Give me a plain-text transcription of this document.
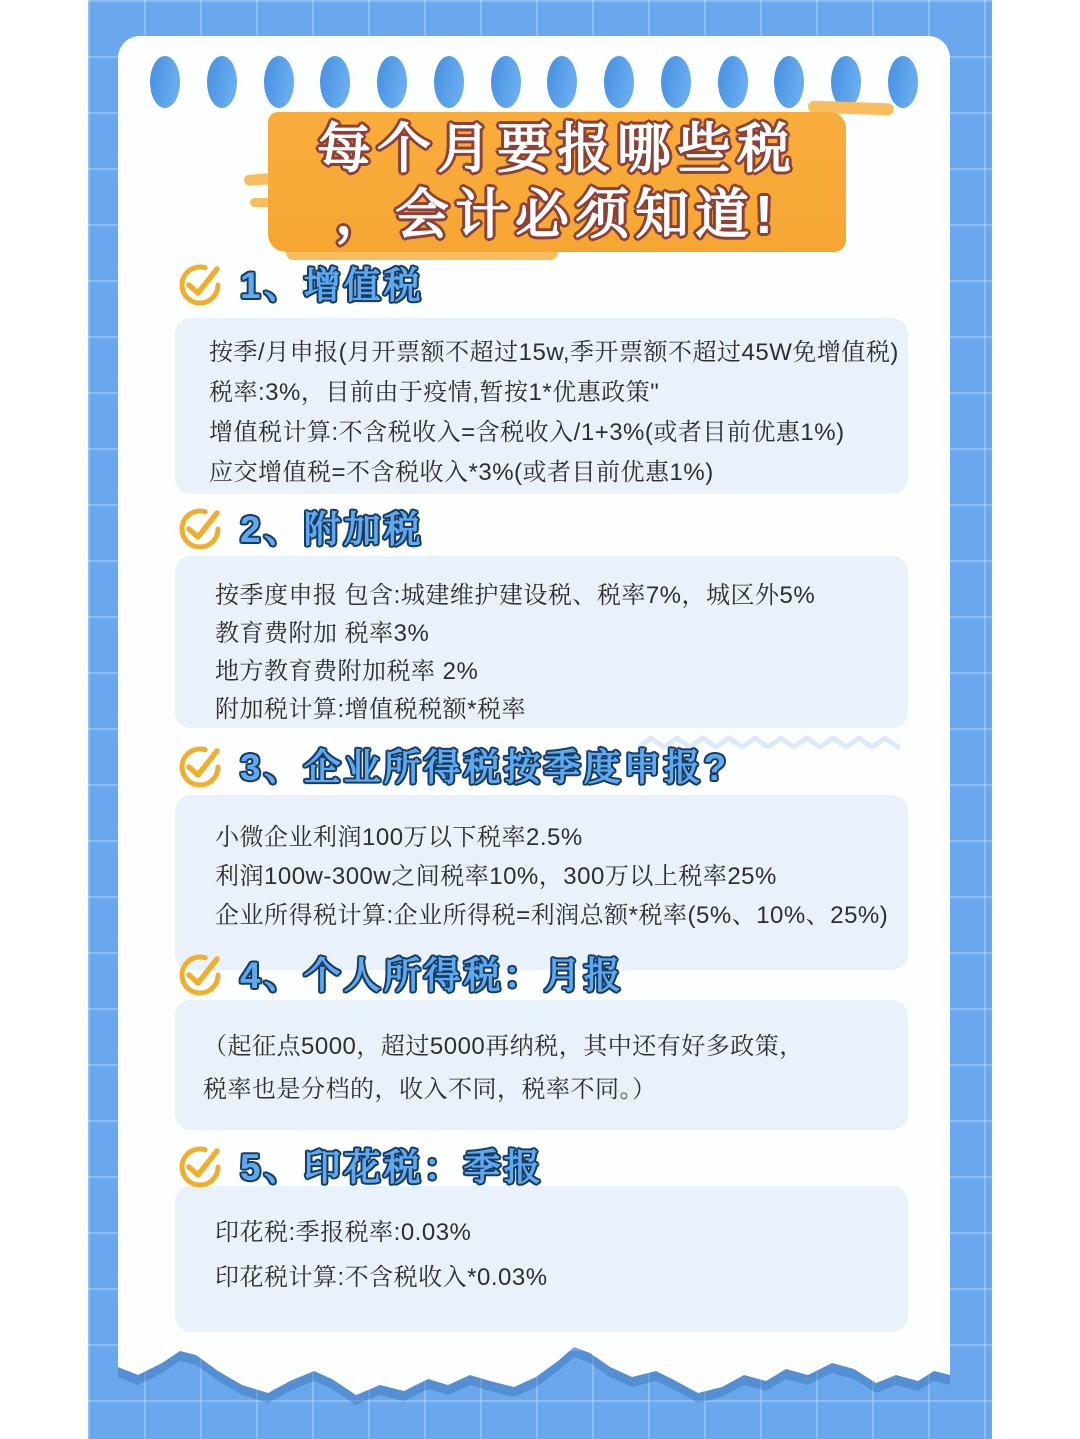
每个月要报哪些税
，会计必须知道!
1、增值税
按季/月申报(月开票额不超过15w,季开票额不超过45W免增值税)
税率:3%，目前由于疫情,暂按1*优惠政策"
增值税计算:不含税收入=含税收入/1+3%(或者目前优惠1%)
应交增值税=不含税收入*3%(或者目前优惠1%)
2、附加税
按季度申报 包含:城建维护建设税、税率7%，城区外5%
教育费附加 税率3%
地方教育费附加税率 2%
附加税计算:增值税税额*税率
3、企业所得税按季度申报?
小微企业利润100万以下税率2.5%
利润100w-300w之间税率10%，300万以上税率25%
企业所得税计算:企业所得税=利润总额*税率(5%、10%、25%)
4、个人所得税：月报
（起征点5000，超过5000再纳税，其中还有好多政策，
税率也是分档的，收入不同，税率不同。）
5、印花税：季报
印花税:季报税率:0.03%
印花税计算:不含税收入*0.03%
